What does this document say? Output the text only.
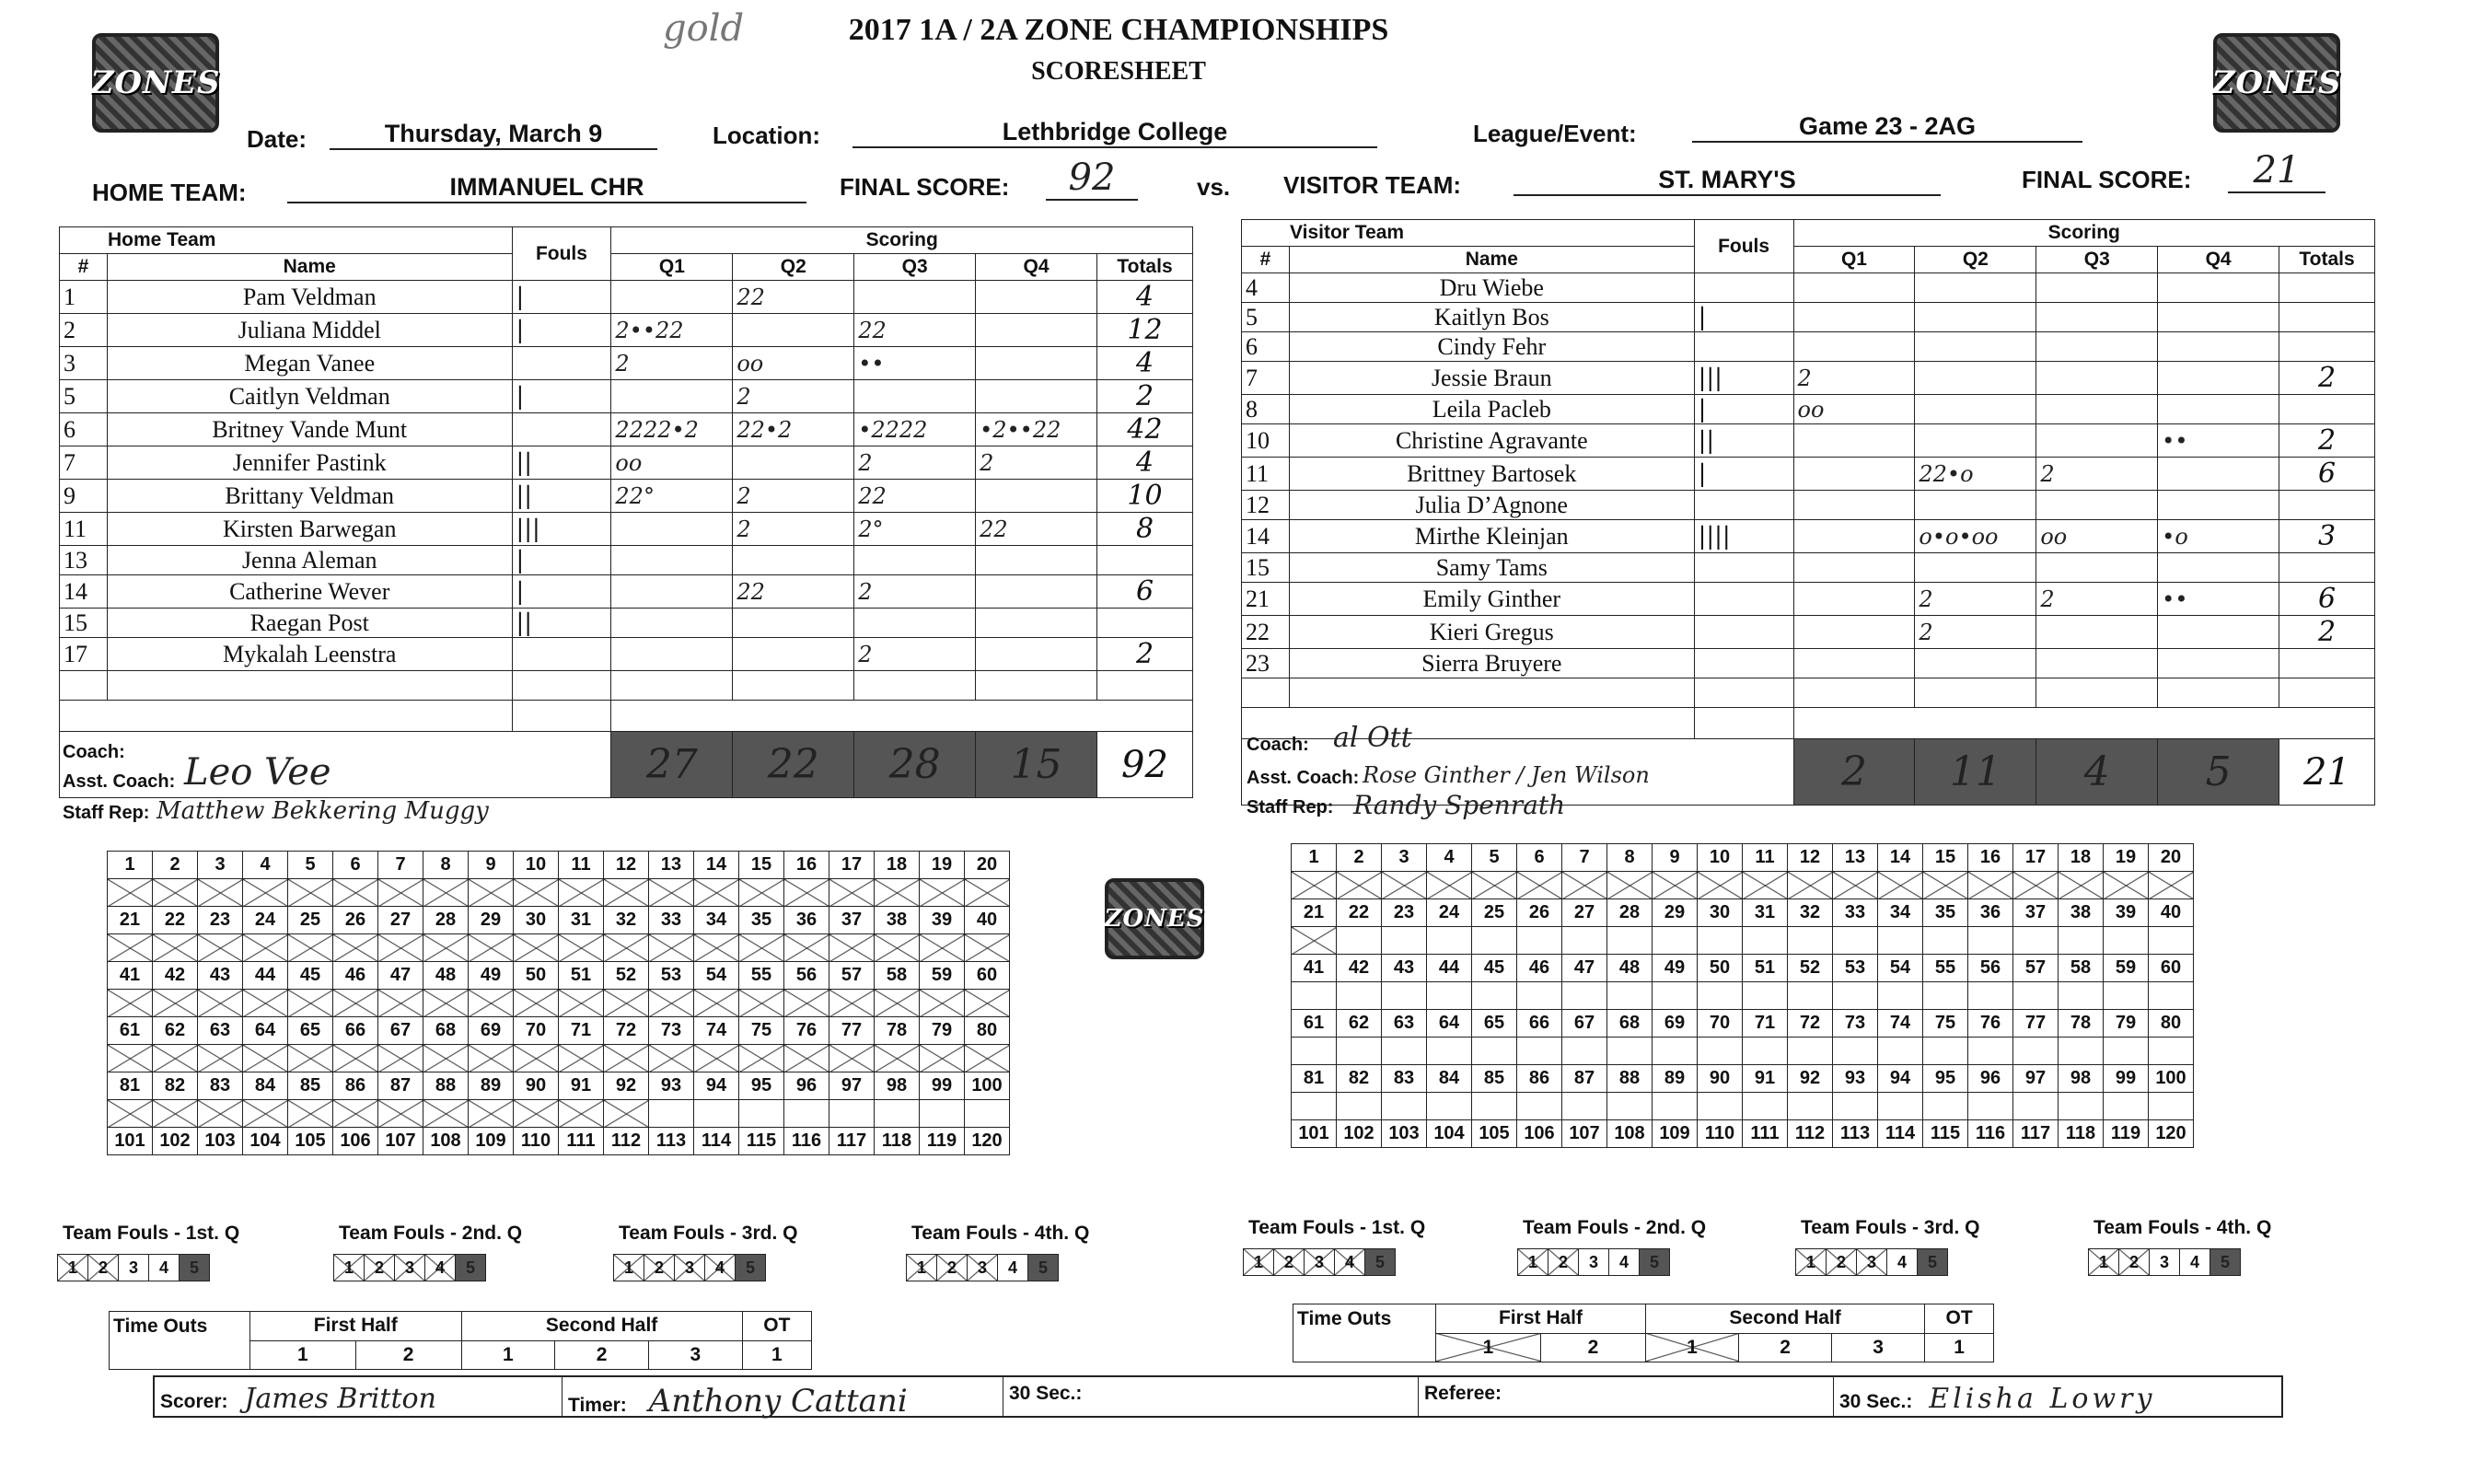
gold	2017 1A / 2A ZONE CHAMPIONSHIPS
SCORESHEET
ZONES	ZONES
Date:	Thursday, March 9	Location:	Lethbridge College	League/Event:	Game 23 - 2AG
HOME TEAM:	IMMANUEL CHR	FINAL SCORE:	92	vs. VISITOR TEAM:	ST. MARY'S	FINAL SCORE:	21
Home Team		Fouls	Scoring				
#	Name		Q1	Q2	Q3	Q4	Totals
1	Pam Veldman	|		22			4
2	Juliana Middel	|	2••22		22		12
3	Megan Vanee		2	oo	••		4
5	Caitlyn Veldman	|		2			2
6	Britney Vande Munt		2222•2	22•2	•2222	•2••22	42
7	Jennifer Pastink	||	oo		2	2	4
9	Brittany Veldman	||	22°	2	22		10
11	Kirsten Barwegan	|||		2	2°	22	8
13	Jenna Aleman	|					
14	Catherine Wever	|		22	2		6
15	Raegan Post	||					
17	Mykalah Leenstra				2		2

			27	22	28	15	92
Coach:
Asst. Coach: Leo Vee
Staff Rep: Matthew Bekkering Muggy
Visitor Team		Fouls	Scoring				
#	Name		Q1	Q2	Q3	Q4	Totals
4	Dru Wiebe						
5	Kaitlyn Bos	|					
6	Cindy Fehr						
7	Jessie Braun	|||	2				2
8	Leila Pacleb	|	oo				
10	Christine Agravante	||				••	2
11	Brittney Bartosek	|		22•o	2		6
12	Julia D’Agnone						
14	Mirthe Kleinjan	||||		o•o•oo	oo	•o	3
15	Samy Tams						
21	Emily Ginther			2	2	••	6
22	Kieri Gregus			2			2
23	Sierra Bruyere						

			2	11	4	5	21
Coach: al Ott
Asst. Coach: Rose Ginther / Jen Wilson
Staff Rep: Randy Spenrath
1	2	3	4	5	6	7	8	9	10	11	12	13	14	15	16	17	18	19	20

21	22	23	24	25	26	27	28	29	30	31	32	33	34	35	36	37	38	39	40

41	42	43	44	45	46	47	48	49	50	51	52	53	54	55	56	57	58	59	60

61	62	63	64	65	66	67	68	69	70	71	72	73	74	75	76	77	78	79	80

81	82	83	84	85	86	87	88	89	90	91	92	93	94	95	96	97	98	99	100

101	102	103	104	105	106	107	108	109	110	111	112	113	114	115	116	117	118	119	120
ZONES
1	2	3	4	5	6	7	8	9	10	11	12	13	14	15	16	17	18	19	20

21	22	23	24	25	26	27	28	29	30	31	32	33	34	35	36	37	38	39	40

41	42	43	44	45	46	47	48	49	50	51	52	53	54	55	56	57	58	59	60

61	62	63	64	65	66	67	68	69	70	71	72	73	74	75	76	77	78	79	80

81	82	83	84	85	86	87	88	89	90	91	92	93	94	95	96	97	98	99	100

101	102	103	104	105	106	107	108	109	110	111	112	113	114	115	116	117	118	119	120
Team Fouls - 1st. Q
1	2	3	4	5
Team Fouls - 2nd. Q
1	2	3	4	5
Team Fouls - 3rd. Q
1	2	3	4	5
Team Fouls - 4th. Q
1	2	3	4	5
Team Fouls - 1st. Q
1	2	3	4	5
Team Fouls - 2nd. Q
1	2	3	4	5
Team Fouls - 3rd. Q
1	2	3	4	5
Team Fouls - 4th. Q
1	2	3	4	5
Time Outs	First Half		Second Half			OT
	1	2	1	2	3	1
Time Outs	First Half		Second Half			OT
	1	2	1	2	3	1
Scorer: James Britton	Timer: Anthony Cattani	30 Sec.:	Referee:	30 Sec.: Elisha Lowry
